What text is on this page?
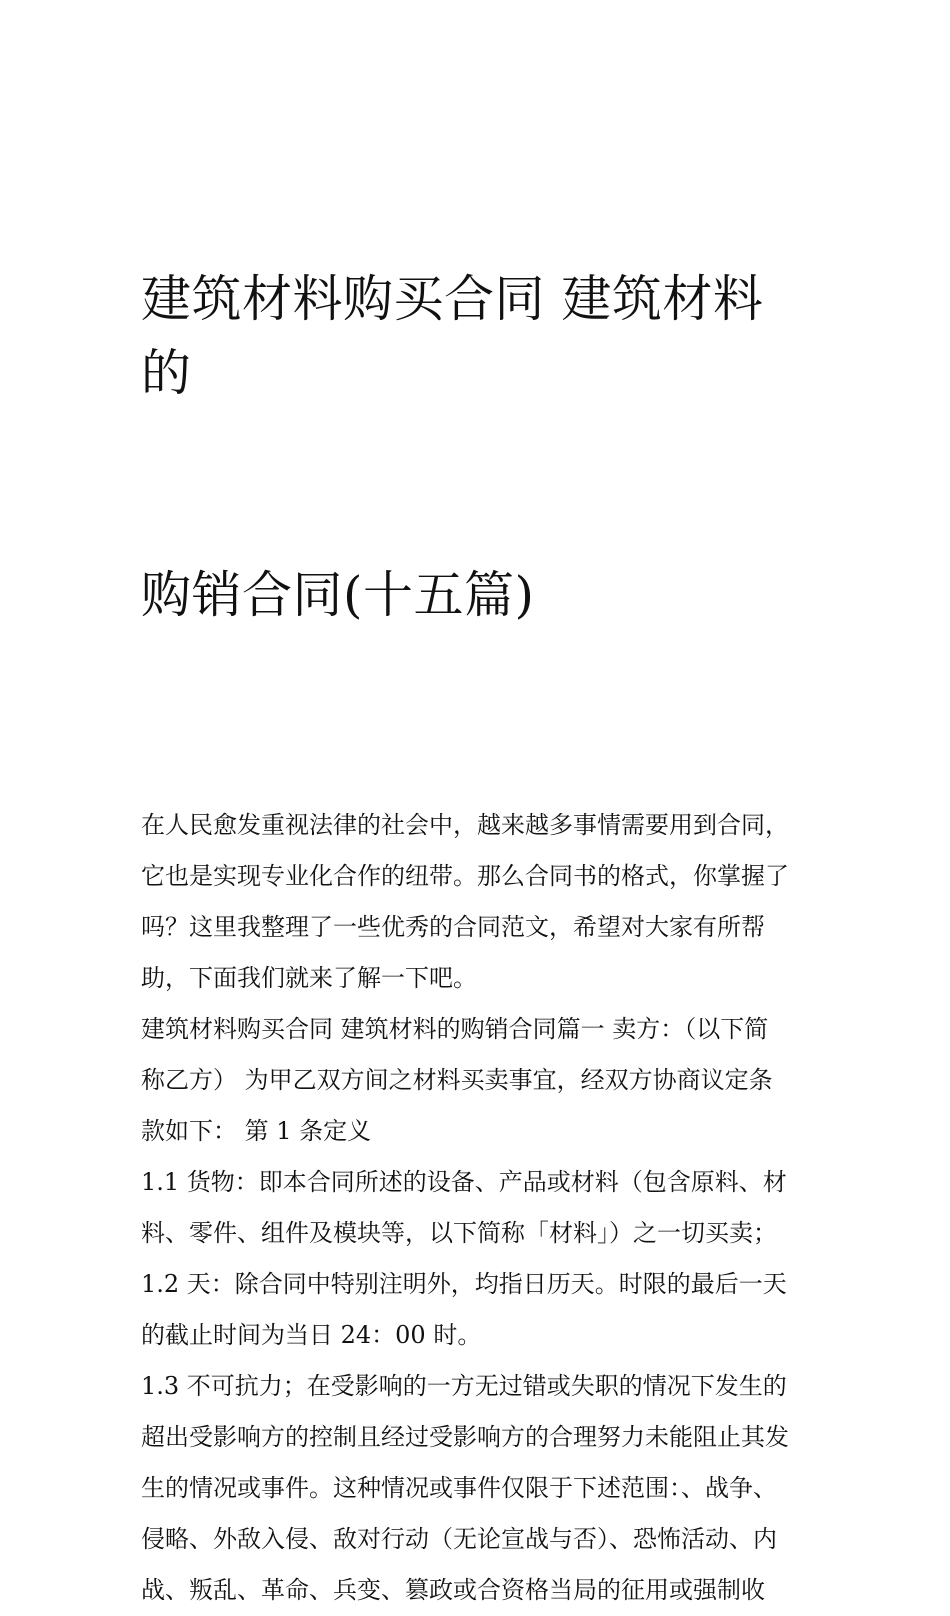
建筑材料购买合同 建筑材料的

购销合同(十五篇)

在人民愈发重视法律的社会中，越来越多事情需要用到合同，
它也是实现专业化合作的纽带。那么合同书的格式，你掌握了
吗？这里我整理了一些优秀的合同范文，希望对大家有所帮
助，下面我们就来了解一下吧。
建筑材料购买合同 建筑材料的购销合同篇一 卖方：（以下简
称乙方） 为甲乙双方间之材料买卖事宜，经双方协商议定条
款如下： 第 1 条定义
1.1 货物：即本合同所述的设备、产品或材料（包含原料、材
料、零件、组件及模块等，以下简称「材料」）之一切买卖；
1.2 天：除合同中特别注明外，均指日历天。时限的最后一天
的截止时间为当日 24：00 时。
1.3 不可抗力；在受影响的一方无过错或失职的情况下发生的
超出受影响方的控制且经过受影响方的合理努力未能阻止其发
生的情况或事件。这种情况或事件仅限于下述范围：、战争、
侵略、外敌入侵、敌对行动（无论宣战与否）、恐怖活动、内
战、叛乱、革命、兵变、篡政或合资格当局的征用或强制收
